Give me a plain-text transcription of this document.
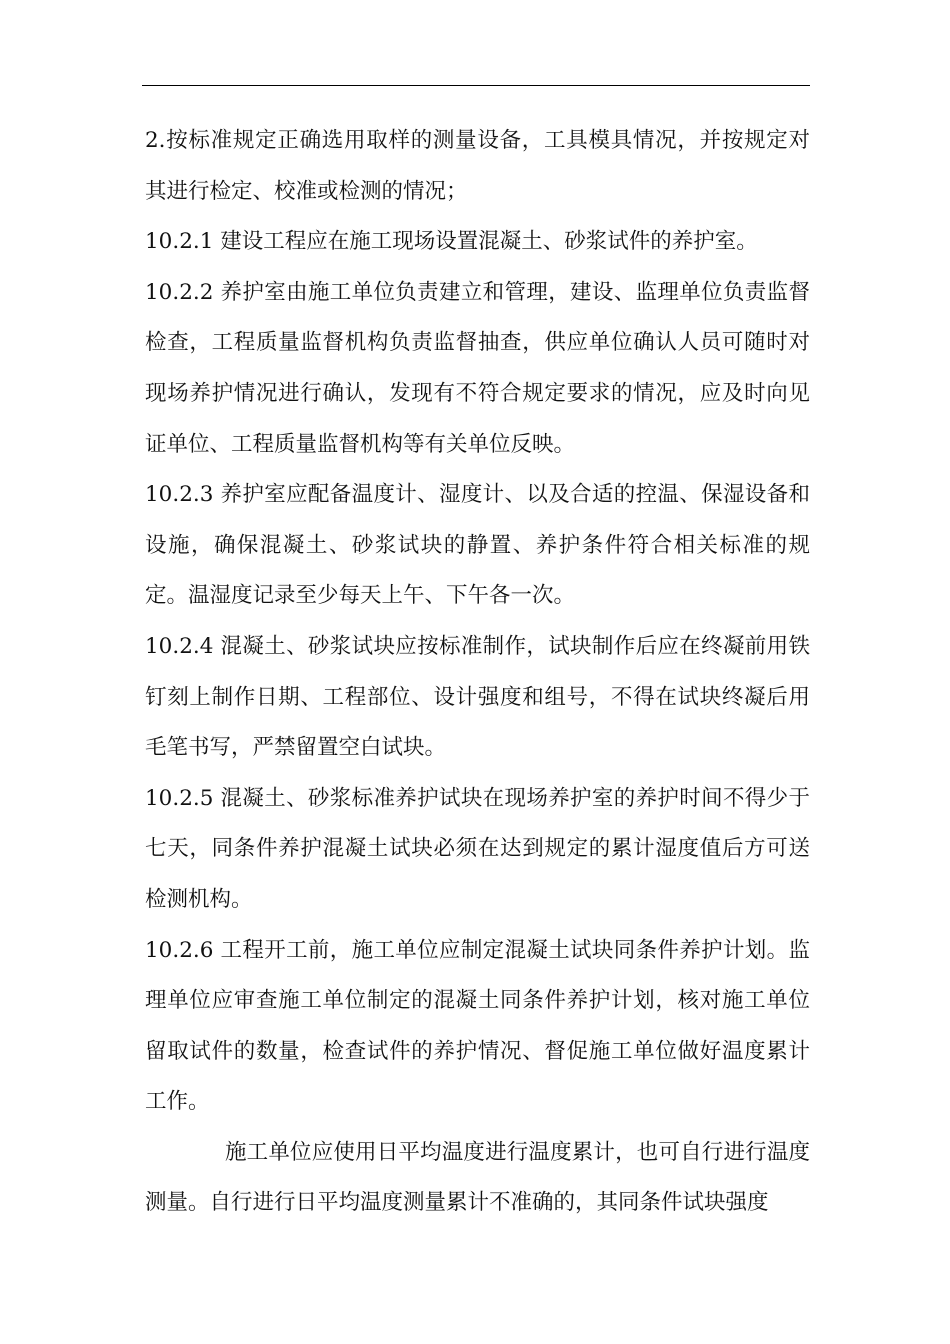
2.按标准规定正确选用取样的测量设备，工具模具情况，并按规定对其进行检定、校准或检测的情况；

10.2.1 建设工程应在施工现场设置混凝土、砂浆试件的养护室。

10.2.2 养护室由施工单位负责建立和管理，建设、监理单位负责监督检查，工程质量监督机构负责监督抽查，供应单位确认人员可随时对现场养护情况进行确认，发现有不符合规定要求的情况，应及时向见证单位、工程质量监督机构等有关单位反映。

10.2.3 养护室应配备温度计、湿度计、以及合适的控温、保湿设备和设施，确保混凝土、砂浆试块的静置、养护条件符合相关标准的规定。温湿度记录至少每天上午、下午各一次。

10.2.4 混凝土、砂浆试块应按标准制作，试块制作后应在终凝前用铁钉刻上制作日期、工程部位、设计强度和组号，不得在试块终凝后用毛笔书写，严禁留置空白试块。

10.2.5 混凝土、砂浆标准养护试块在现场养护室的养护时间不得少于七天，同条件养护混凝土试块必须在达到规定的累计湿度值后方可送检测机构。

10.2.6 工程开工前，施工单位应制定混凝土试块同条件养护计划。监理单位应审查施工单位制定的混凝土同条件养护计划，核对施工单位留取试件的数量，检查试件的养护情况、督促施工单位做好温度累计工作。

施工单位应使用日平均温度进行温度累计，也可自行进行温度测量。自行进行日平均温度测量累计不准确的，其同条件试块强度
